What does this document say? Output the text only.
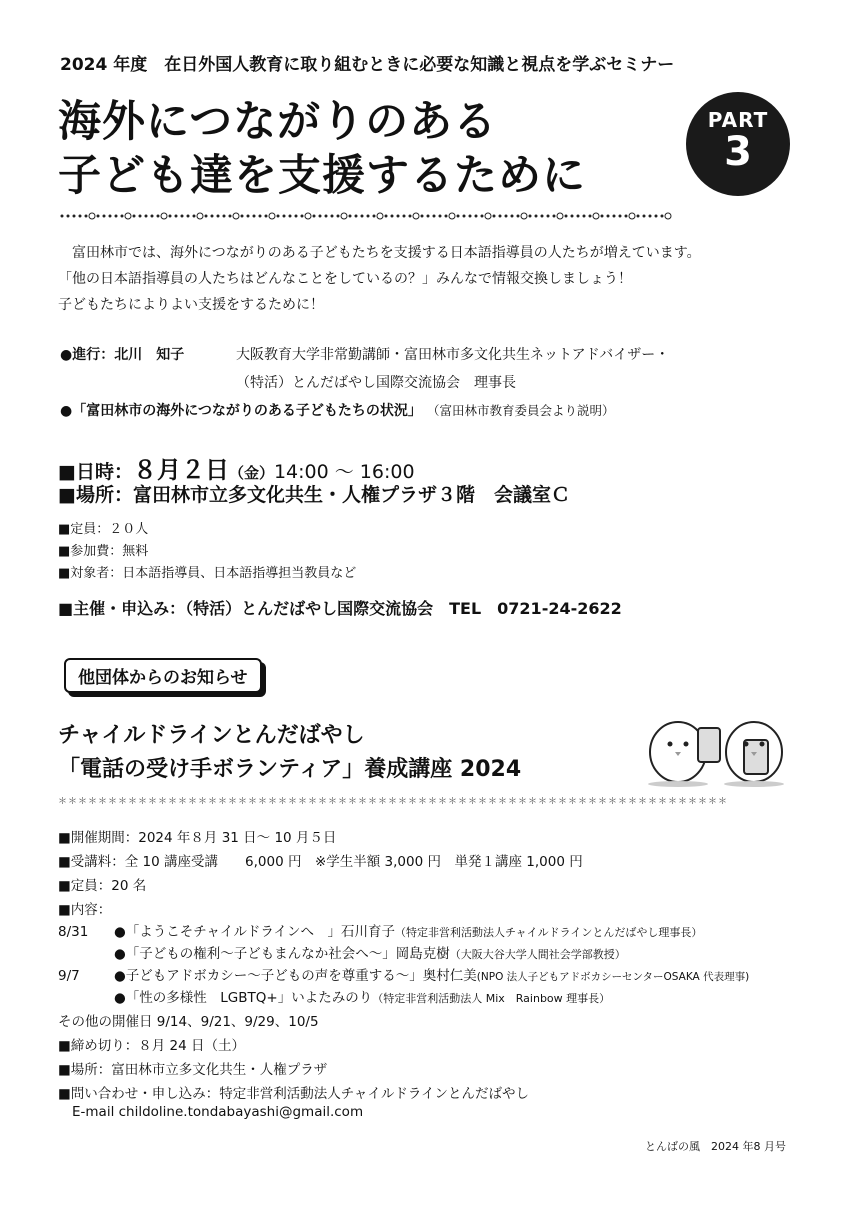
2024 年度　在日外国人教育に取り組むときに必要な知識と視点を学ぶセミナー
海外につながりのある
子ども達を支援するために
PART
3
富田林市では、海外につながりのある子どもたちを支援する日本語指導員の人たちが増えています。
「他の日本語指導員の人たちはどんなことをしているの？」みんなで情報交換しましょう！
子どもたちによりよい支援をするために！
●進行：北川　知子	大阪教育大学非常勤講師・富田林市多文化共生ネットアドバイザー・
（特活）とんだばやし国際交流協会　理事長
●「富田林市の海外につながりのある子どもたちの状況」 （富田林市教育委員会より説明）
■日時：８月２日（金）14:00 ～ 16:00
■場所：富田林市立多文化共生・人権プラザ３階　会議室Ｃ
■定員：２０人
■参加費：無料
■対象者：日本語指導員、日本語指導担当教員など
■主催・申込み：（特活）とんだばやし国際交流協会　TEL　0721-24-2622
他団体からのお知らせ
チャイルドラインとんだばやし
「電話の受け手ボランティア」養成講座 2024
＊＊＊＊＊＊＊＊＊＊＊＊＊＊＊＊＊＊＊＊＊＊＊＊＊＊＊＊＊＊＊＊＊＊＊＊＊＊＊＊＊＊＊＊＊＊＊＊＊＊＊＊＊＊＊＊＊＊＊＊＊＊＊＊＊＊＊
■開催期間：2024 年８月 31 日～ 10 月５日
■受講料：全 10 講座受講　　6,000 円　※学生半額 3,000 円　単発１講座 1,000 円
■定員：20 名
■内容：
8/31 ●「ようこそチャイルドラインへ　」石川育子（特定非営利活動法人チャイルドラインとんだばやし理事長）
●「子どもの権利～子どもまんなか社会へ～」岡島克樹（大阪大谷大学人間社会学部教授）
9/7	●子どもアドボカシー～子どもの声を尊重する～」奥村仁美(NPO 法人子どもアドボカシーセンターOSAKA 代表理事)
●「性の多様性　LGBTQ+」いよたみのり（特定非営利活動法人 Mix　Rainbow 理事長）
その他の開催日 9/14、9/21、9/29、10/5
■締め切り：８月 24 日（土）
■場所：富田林市立多文化共生・人権プラザ
■問い合わせ・申し込み：特定非営利活動法人チャイルドラインとんだばやし
E-mail childoline.tondabayashi@gmail.com
とんばの風　2024 年8 月号
